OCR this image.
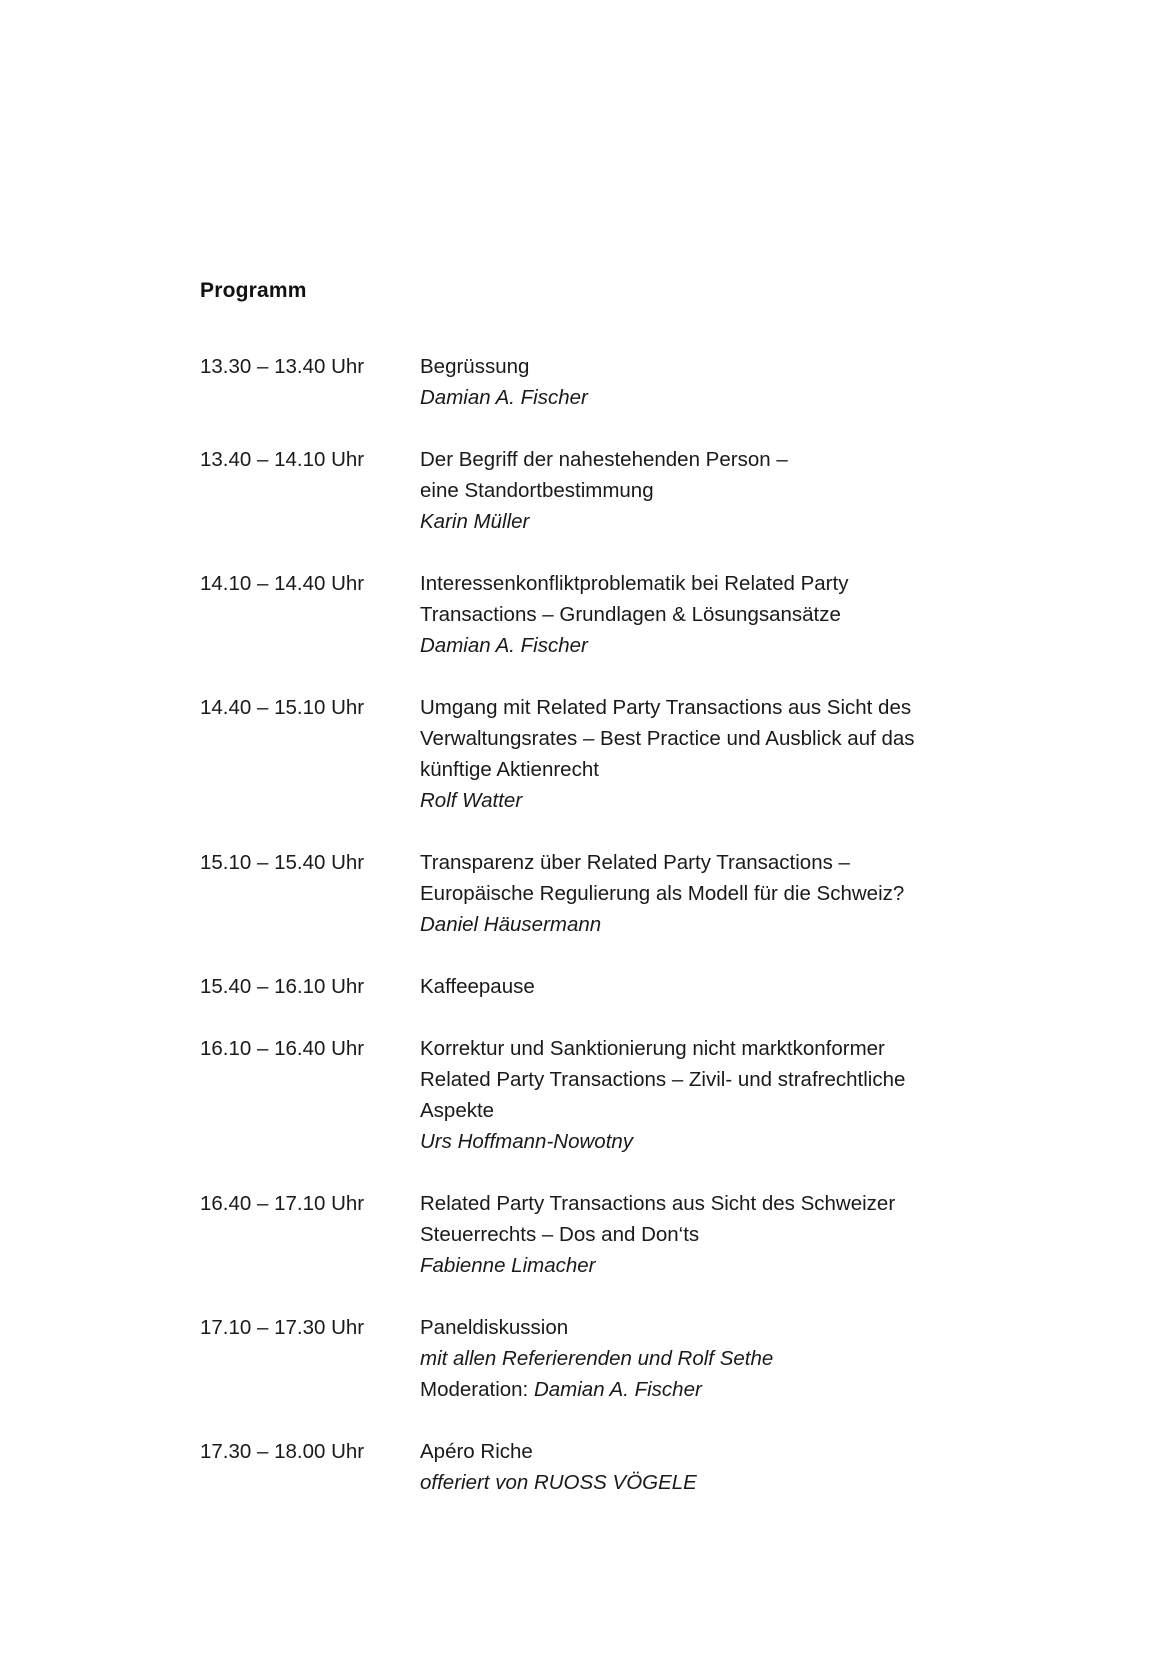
Programm
13.30 – 13.40 Uhr	Begrüssung
Damian A. Fischer
13.40 – 14.10 Uhr	Der Begriff der nahestehenden Person –
eine Standortbestimmung
Karin Müller
14.10 – 14.40 Uhr	Interessenkonfliktproblematik bei Related Party
Transactions – Grundlagen & Lösungsansätze
Damian A. Fischer
14.40 – 15.10 Uhr	Umgang mit Related Party Transactions aus Sicht des
Verwaltungsrates – Best Practice und Ausblick auf das
künftige Aktienrecht
Rolf Watter
15.10 – 15.40 Uhr	Transparenz über Related Party Transactions –
Europäische Regulierung als Modell für die Schweiz?
Daniel Häusermann
15.40 – 16.10 Uhr	Kaffeepause
16.10 – 16.40 Uhr	Korrektur und Sanktionierung nicht marktkonformer
Related Party Transactions – Zivil- und strafrechtliche
Aspekte
Urs Hoffmann-Nowotny
16.40 – 17.10 Uhr	Related Party Transactions aus Sicht des Schweizer
Steuerrechts – Dos and Don‘ts
Fabienne Limacher
17.10 – 17.30 Uhr	Paneldiskussion
mit allen Referierenden und Rolf Sethe
Moderation: Damian A. Fischer
17.30 – 18.00 Uhr	Apéro Riche
offeriert von RUOSS VÖGELE
